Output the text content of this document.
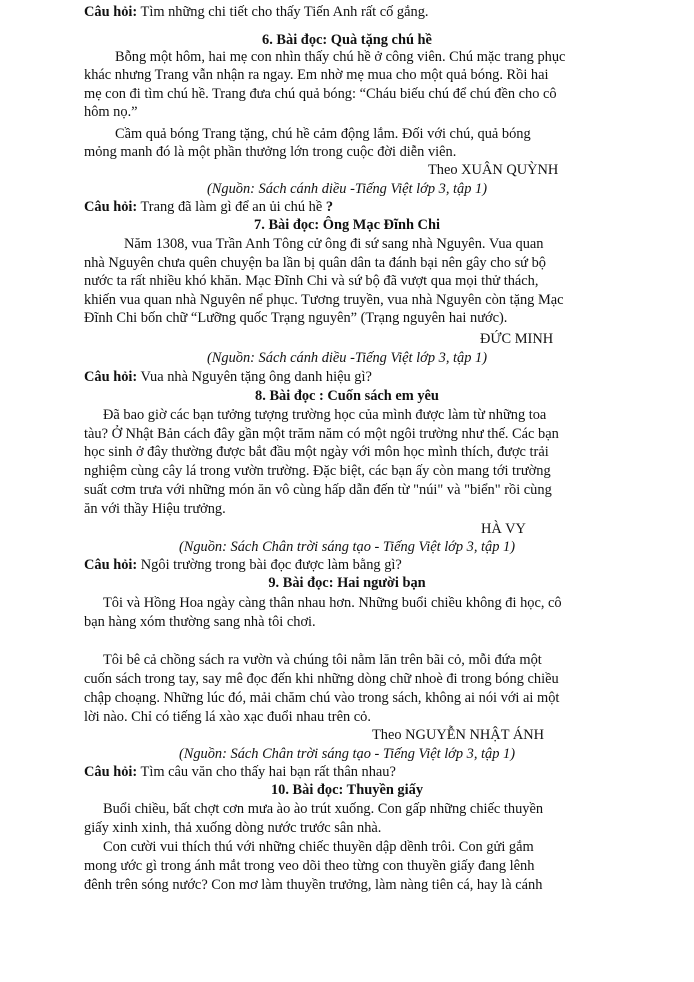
Câu hỏi: Tìm những chi tiết cho thấy Tiến Anh rất cố gắng.
6. Bài đọc: Quà tặng chú hề
Bỗng một hôm, hai mẹ con nhìn thấy chú hề ở công viên. Chú mặc trang phục
khác nhưng Trang vẫn nhận ra ngay. Em nhờ mẹ mua cho một quả bóng. Rồi hai
mẹ con đi tìm chú hề. Trang đưa chú quả bóng: “Cháu biếu chú để chú đền cho cô
hôm nọ.”
Cầm quả bóng Trang tặng, chú hề cảm động lắm. Đối với chú, quả bóng
mỏng manh đó là một phần thưởng lớn trong cuộc đời diễn viên.
Theo XUÂN QUỲNH
(Nguồn: Sách cánh diều -Tiếng Việt lớp 3, tập 1)
Câu hỏi: Trang đã làm gì để an ủi chú hề ?
7. Bài đọc: Ông Mạc Đĩnh Chi
Năm 1308, vua Trần Anh Tông cử ông đi sứ sang nhà Nguyên. Vua quan
nhà Nguyên chưa quên chuyện ba lần bị quân dân ta đánh bại nên gây cho sứ bộ
nước ta rất nhiều khó khăn. Mạc Đĩnh Chi và sứ bộ đã vượt qua mọi thử thách,
khiến vua quan nhà Nguyên nể phục. Tương truyền, vua nhà Nguyên còn tặng Mạc
Đĩnh Chi bốn chữ “Lưỡng quốc Trạng nguyên” (Trạng nguyên hai nước).
ĐỨC MINH
(Nguồn: Sách cánh diều -Tiếng Việt lớp 3, tập 1)
Câu hỏi: Vua nhà Nguyên tặng ông danh hiệu gì?
8. Bài đọc : Cuốn sách em yêu
Đã bao giờ các bạn tưởng tượng trường học của mình được làm từ những toa
tàu? Ở Nhật Bản cách đây gần một trăm năm có một ngôi trường như thế. Các bạn
học sinh ở đây thường được bắt đầu một ngày với môn học mình thích, được trải
nghiệm cùng cây lá trong vườn trường. Đặc biệt, các bạn ấy còn mang tới trường
suất cơm trưa với những món ăn vô cùng hấp dẫn đến từ "núi" và "biển" rồi cùng
ăn với thầy Hiệu trưởng.
HÀ VY
(Nguồn: Sách Chân trời sáng tạo - Tiếng Việt lớp 3, tập 1)
Câu hỏi: Ngôi trường trong bài đọc được làm bằng gì?
9. Bài đọc: Hai người bạn
Tôi và Hồng Hoa ngày càng thân nhau hơn. Những buổi chiều không đi học, cô
bạn hàng xóm thường sang nhà tôi chơi.
Tôi bê cả chồng sách ra vườn và chúng tôi nằm lăn trên bãi cỏ, mỗi đứa một
cuốn sách trong tay, say mê đọc đến khi những dòng chữ nhoè đi trong bóng chiều
chập choạng. Những lúc đó, mải chăm chú vào trong sách, không ai nói với ai một
lời nào. Chỉ có tiếng lá xào xạc đuổi nhau trên cỏ.
Theo NGUYỄN NHẬT ÁNH
(Nguồn: Sách Chân trời sáng tạo - Tiếng Việt lớp 3, tập 1)
Câu hỏi: Tìm câu văn cho thấy hai bạn rất thân nhau?
10. Bài đọc: Thuyền giấy
Buổi chiều, bất chợt cơn mưa ào ào trút xuống. Con gấp những chiếc thuyền
giấy xinh xinh, thả xuống dòng nước trước sân nhà.
Con cười vui thích thú với những chiếc thuyền dập dềnh trôi. Con gửi gắm
mong ước gì trong ánh mắt trong veo dõi theo từng con thuyền giấy đang lênh
đênh trên sóng nước? Con mơ làm thuyền trưởng, làm nàng tiên cá, hay là cánh
